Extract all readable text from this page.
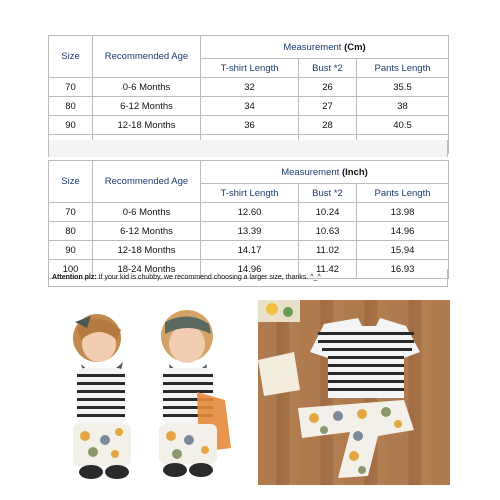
Size	Recommended Age	Measurement (Cm)		
		T-shirt Length	Bust *2	Pants Length
70	0-6 Months	32	26	35.5
80	6-12 Months	34	27	38
90	12-18 Months	36	28	40.5

Size	Recommended Age	Measurement (Inch)		
		T-shirt Length	Bust *2	Pants Length
70	0-6 Months	12.60	10.24	13.98
80	6-12 Months	13.39	10.63	14.96
90	12-18 Months	14.17	11.02	15.94
100	18-24 Months	14.96	11.42	16.93
Attention plz: If your kid is chubby, we recommend choosing a larger size, thanks. ^_^
